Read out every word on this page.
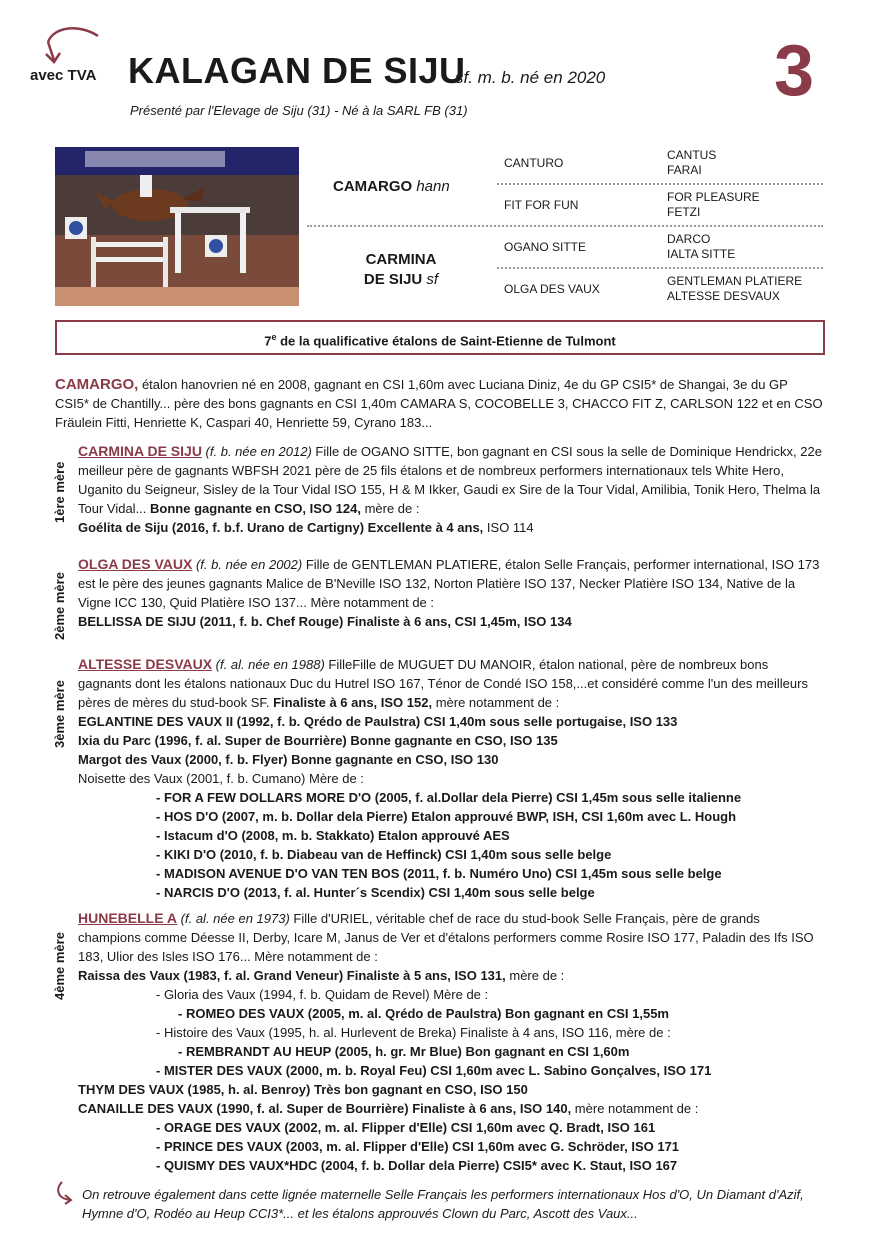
avec TVA KALAGAN DE SIJU
sf. m. b. né en 2020 3
Présenté par l'Elevage de Siju (31) - Né à la SARL FB (31)
CAMARGO hann
CARMINA
DE SIJU sf
CANTURO
FIT FOR FUN
OGANO SITTE
OLGA DES VAUX
CANTUS
FARAI
FOR PLEASURE
FETZI
DARCO
IALTA SITTE
GENTLEMAN PLATIERE
ALTESSE DESVAUX
7e de la qualificative étalons de Saint-Etienne de Tulmont
CAMARGO, étalon hanovrien né en 2008, gagnant en CSI 1,60m avec Luciana Diniz, 4e du GP CSI5* de Shangai, 3e du GP CSI5* de Chantilly... père des bons gagnants en CSI 1,40m CAMARA S, COCOBELLE 3, CHACCO FIT Z, CARLSON 122 et en CSO Fräulein Fitti, Henriette K, Caspari 40, Henriette 59, Cyrano 183...
1ère mère

CARMINA DE SIJU (f. b. née en 2012) Fille de OGANO SITTE, bon gagnant en CSI sous la selle de Dominique Hendrickx, 22e meilleur père de gagnants WBFSH 2021 père de 25 fils étalons et de nombreux performers internationaux tels White Hero, Uganito du Seigneur, Sisley de la Tour Vidal ISO 155, H & M Ikker, Gaudi ex Sire de la Tour Vidal, Amilibia, Tonik Hero, Thelma la Tour Vidal... Bonne gagnante en CSO, ISO 124, mère de :

Goélita de Siju (2016, f. b.f. Urano de Cartigny) Excellente à 4 ans, ISO 114

2ème mère

OLGA DES VAUX (f. b. née en 2002) Fille de GENTLEMAN PLATIERE, étalon Selle Français, performer international, ISO 173 est le père des jeunes gagnants Malice de B'Neville ISO 132, Norton Platière ISO 137, Necker Platière ISO 134, Native de la Vigne ICC 130, Quid Platière ISO 137... Mère notamment de :

BELLISSA DE SIJU (2011, f. b. Chef Rouge) Finaliste à 6 ans, CSI 1,45m, ISO 134

3ème mère

ALTESSE DESVAUX (f. al. née en 1988) FilleFille de MUGUET DU MANOIR, étalon national, père de nombreux bons gagnants dont les étalons nationaux Duc du Hutrel ISO 167, Ténor de Condé ISO 158,...et considéré comme l'un des meilleurs pères de mères du stud-book SF. Finaliste à 6 ans, ISO 152, mère notamment de :

EGLANTINE DES VAUX II (1992, f. b. Qrédo de Paulstra) CSI 1,40m sous selle portugaise, ISO 133

Ixia du Parc (1996, f. al. Super de Bourrière) Bonne gagnante en CSO, ISO 135

Margot des Vaux (2000, f. b. Flyer) Bonne gagnante en CSO, ISO 130

Noisette des Vaux (2001, f. b. Cumano) Mère de :

- FOR A FEW DOLLARS MORE D'O (2005, f. al.Dollar dela Pierre) CSI 1,45m sous selle italienne

- HOS D'O (2007, m. b. Dollar dela Pierre) Etalon approuvé BWP, ISH, CSI 1,60m avec L. Hough

- Istacum d'O (2008, m. b. Stakkato) Etalon approuvé AES

- KIKI D'O (2010, f. b. Diabeau van de Heffinck) CSI 1,40m sous selle belge

- MADISON AVENUE D'O VAN TEN BOS (2011, f. b. Numéro Uno) CSI 1,45m sous selle belge

- NARCIS D'O (2013, f. al. Hunter´s Scendix) CSI 1,40m sous selle belge

4ème mère

HUNEBELLE A (f. al. née en 1973) Fille d'URIEL, véritable chef de race du stud-book Selle Français, père de grands champions comme Déesse II, Derby, Icare M, Janus de Ver et d'étalons performers comme Rosire ISO 177, Paladin des Ifs ISO 183, Ulior des Isles ISO 176... Mère notamment de :

Raissa des Vaux (1983, f. al. Grand Veneur) Finaliste à 5 ans, ISO 131, mère de :

- Gloria des Vaux (1994, f. b. Quidam de Revel) Mère de :

- ROMEO DES VAUX (2005, m. al. Qrédo de Paulstra) Bon gagnant en CSI 1,55m

- Histoire des Vaux (1995, h. al. Hurlevent de Breka) Finaliste à 4 ans, ISO 116, mère de :

- REMBRANDT AU HEUP (2005, h. gr. Mr Blue) Bon gagnant en CSI 1,60m

- MISTER DES VAUX (2000, m. b. Royal Feu) CSI 1,60m avec L. Sabino Gonçalves, ISO 171

THYM DES VAUX (1985, h. al. Benroy) Très bon gagnant en CSO, ISO 150

CANAILLE DES VAUX (1990, f. al. Super de Bourrière) Finaliste à 6 ans, ISO 140, mère notamment de :

- ORAGE DES VAUX (2002, m. al. Flipper d'Elle) CSI 1,60m avec Q. Bradt, ISO 161

- PRINCE DES VAUX (2003, m. al. Flipper d'Elle) CSI 1,60m avec G. Schröder, ISO 171

- QUISMY DES VAUX*HDC (2004, f. b. Dollar dela Pierre) CSI5* avec K. Staut, ISO 167

On retrouve également dans cette lignée maternelle Selle Français les performers internationaux Hos d'O, Un Diamant d'Azif, Hymne d'O, Rodéo au Heup CCI3*... et les étalons approuvés Clown du Parc, Ascott des Vaux...
